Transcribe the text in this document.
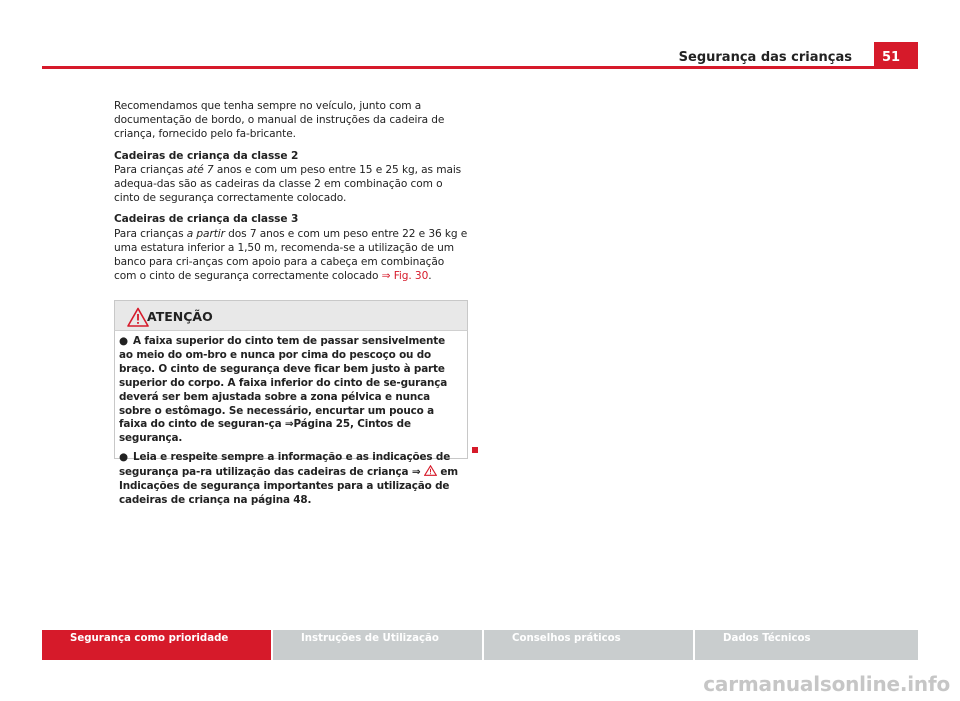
Segurança das crianças	51

Recomendamos que tenha sempre no veículo, junto com a documentação de bordo, o manual de instruções da cadeira de criança, fornecido pelo fa-bricante.

Cadeiras de criança da classe 2

Para crianças até 7 anos e com um peso entre 15 e 25 kg, as mais adequa-das são as cadeiras da classe 2 em combinação com o cinto de segurança correctamente colocado.

Cadeiras de criança da classe 3

Para crianças a partir dos 7 anos e com um peso entre 22 e 36 kg e uma estatura inferior a 1,50 m, recomenda-se a utilização de um banco para cri-anças com apoio para a cabeça em combinação com o cinto de segurança correctamente colocado ⇒ Fig. 30.

ATENÇÃO

● A faixa superior do cinto tem de passar sensivelmente ao meio do om-bro e nunca por cima do pescoço ou do braço. O cinto de segurança deve ficar bem justo à parte superior do corpo. A faixa inferior do cinto de se-gurança deverá ser bem ajustada sobre a zona pélvica e nunca sobre o estômago. Se necessário, encurtar um pouco a faixa do cinto de seguran-ça ⇒Página 25, Cintos de segurança.

● Leia e respeite sempre a informação e as indicações de segurança pa-ra utilização das cadeiras de criança ⇒  em Indicações de segurança importantes para a utilização de cadeiras de criança na página 48.

Segurança como prioridade	Instruções de Utilização	Conselhos práticos	Dados Técnicos
carmanualsonline.info
